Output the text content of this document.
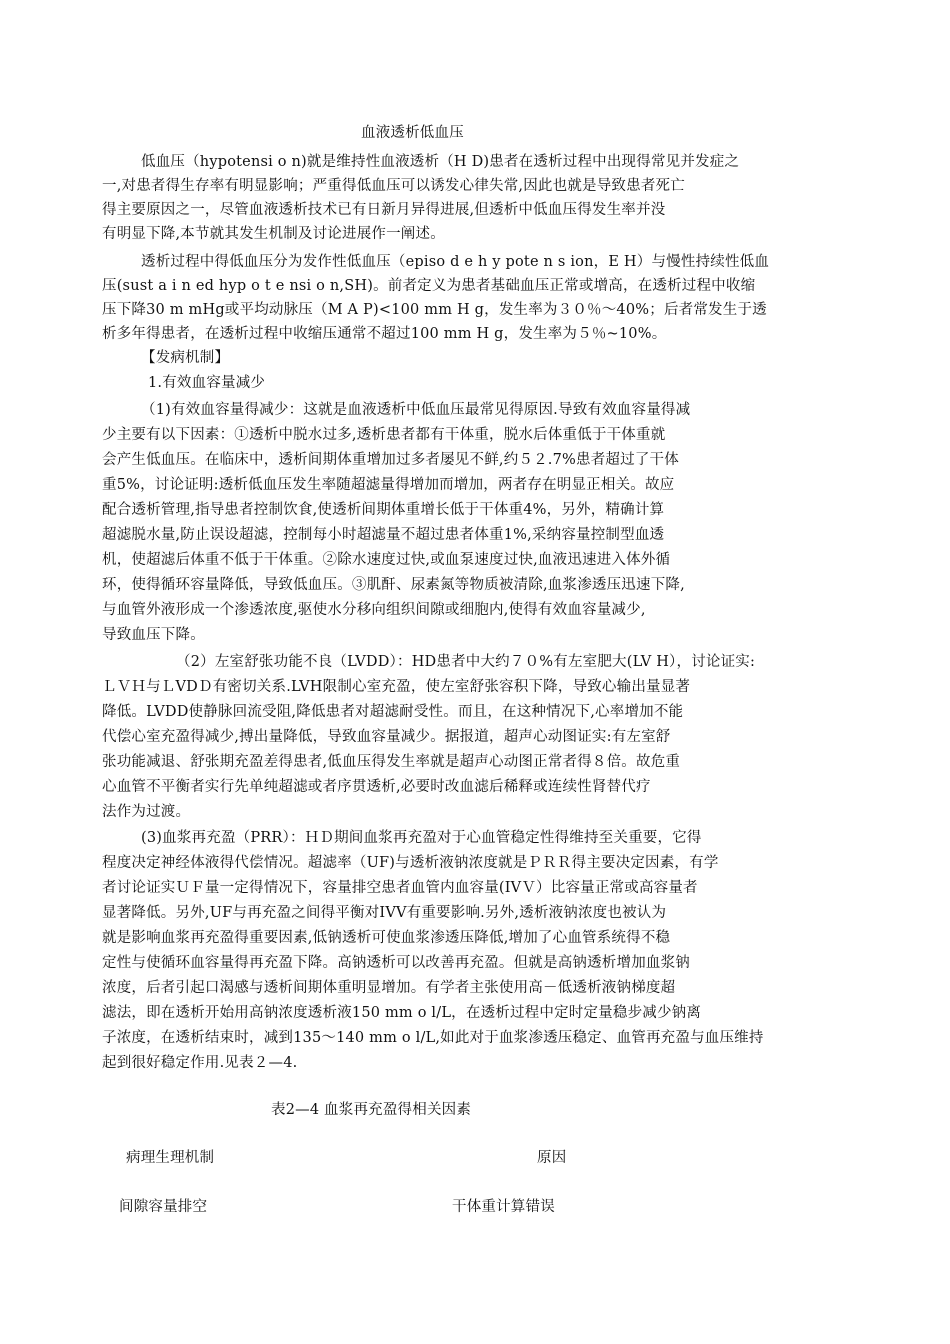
血液透析低血压
低血压（hypotensi o n)就是维持性血液透析（H D)患者在透析过程中出现得常见并发症之
一,对患者得生存率有明显影响；严重得低血压可以诱发心律失常,因此也就是导致患者死亡
得主要原因之一，尽管血液透析技术已有日新月异得进展,但透析中低血压得发生率并没
有明显下降,本节就其发生机制及讨论进展作一阐述。
透析过程中得低血压分为发作性低血压（episo d e h y pote n s ion，E H）与慢性持续性低血
压(sust a i n ed hyp o t e nsi o n,SH)。前者定义为患者基础血压正常或增高，在透析过程中收缩
压下降30 m mHg或平均动脉压（M A P)<100 mm H g，发生率为３０％～40%；后者常发生于透
析多年得患者，在透析过程中收缩压通常不超过100 mm H g，发生率为５％~10%。
【发病机制】
1.有效血容量减少
（1)有效血容量得减少：这就是血液透析中低血压最常见得原因.导致有效血容量得减
少主要有以下因素：①透析中脱水过多,透析患者都有干体重，脱水后体重低于干体重就
会产生低血压。在临床中，透析间期体重增加过多者屡见不鲜,约５２.7%患者超过了干体
重5%，讨论证明:透析低血压发生率随超滤量得增加而增加，两者存在明显正相关。故应
配合透析管理,指导患者控制饮食,使透析间期体重增长低于干体重4%，另外，精确计算
超滤脱水量,防止误设超滤，控制每小时超滤量不超过患者体重1%,采纳容量控制型血透
机，使超滤后体重不低于干体重。②除水速度过快,或血泵速度过快,血液迅速进入体外循
环，使得循环容量降低，导致低血压。③肌酐、尿素氮等物质被清除,血浆渗透压迅速下降,
与血管外液形成一个渗透浓度,驱使水分移向组织间隙或细胞内,使得有效血容量减少,
导致血压下降。
（2）左室舒张功能不良（LVDD）：HD患者中大约７０%有左室肥大(LV H），讨论证实:
ＬＶＨ与ＬVDＤ有密切关系.LVH限制心室充盈，使左室舒张容积下降，导致心输出量显著
降低。LVDD使静脉回流受阻,降低患者对超滤耐受性。而且，在这种情况下,心率增加不能
代偿心室充盈得减少,搏出量降低，导致血容量减少。据报道，超声心动图证实:有左室舒
张功能减退、舒张期充盈差得患者,低血压得发生率就是超声心动图正常者得８倍。故危重
心血管不平衡者实行先单纯超滤或者序贯透析,必要时改血滤后稀释或连续性肾替代疗
法作为过渡。
(3)血浆再充盈（PRR）：ＨＤ期间血浆再充盈对于心血管稳定性得维持至关重要，它得
程度决定神经体液得代偿情况。超滤率（UF)与透析液钠浓度就是ＰＲＲ得主要决定因素，有学
者讨论证实ＵＦ量一定得情况下，容量排空患者血管内血容量(IVＶ）比容量正常或高容量者
显著降低。另外,UF与再充盈之间得平衡对IVV有重要影响.另外,透析液钠浓度也被认为
就是影响血浆再充盈得重要因素,低钠透析可使血浆渗透压降低,增加了心血管系统得不稳
定性与使循环血容量得再充盈下降。高钠透析可以改善再充盈。但就是高钠透析增加血浆钠
浓度，后者引起口渴感与透析间期体重明显增加。有学者主张使用高－低透析液钠梯度超
滤法，即在透析开始用高钠浓度透析液150 mm o l/L，在透析过程中定时定量稳步减少钠离
子浓度，在透析结束时，减到135～140 mm o l/L,如此对于血浆渗透压稳定、血管再充盈与血压维持
起到很好稳定作用.见表２—4.
表2—4 血浆再充盈得相关因素
病理生理机制	原因
间隙容量排空	干体重计算错误
